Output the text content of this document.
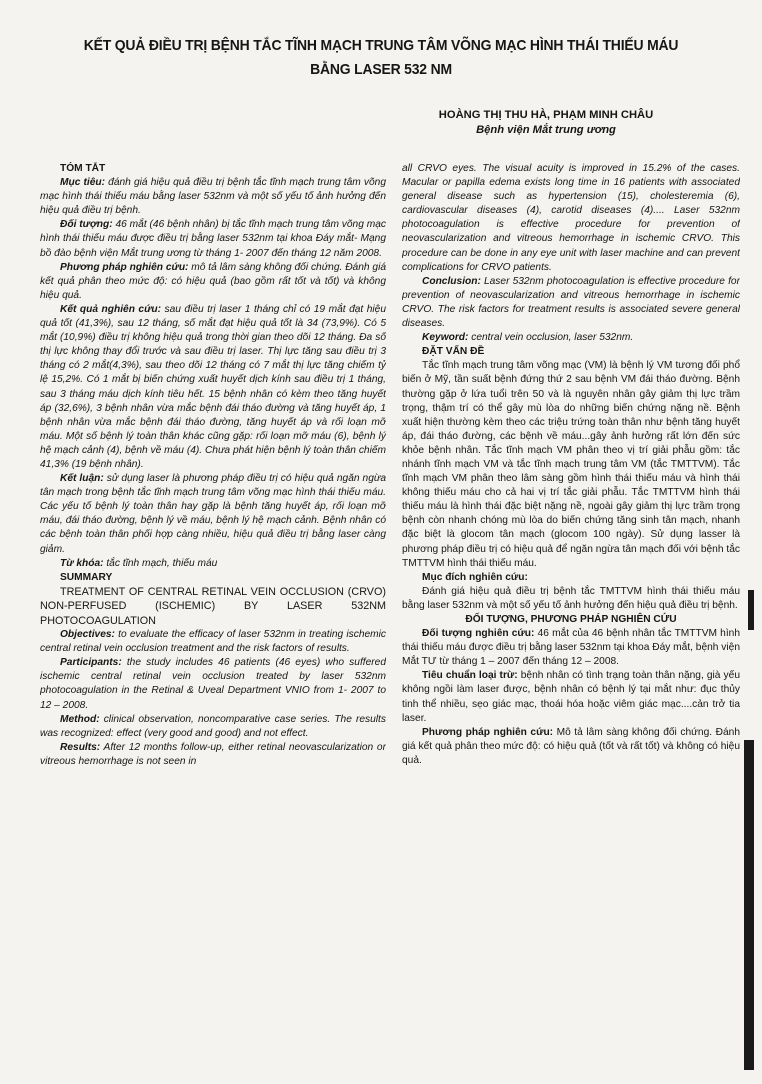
KẾT QUẢ ĐIỀU TRỊ BỆNH TẮC TĨNH MẠCH TRUNG TÂM VÕNG MẠC HÌNH THÁI THIẾU MÁU
BẰNG LASER 532 NM
HOÀNG THỊ THU HÀ, PHẠM MINH CHÂU
Bệnh viện Mắt trung ương

TÓM TẮT

Mục tiêu: đánh giá hiệu quả điều trị bệnh tắc tĩnh mạch trung tâm võng mạc hình thái thiếu máu bằng laser 532nm và một số yếu tố ảnh hưởng đến hiệu quả điều trị bệnh.

Đối tượng: 46 mắt (46 bệnh nhân) bị tắc tĩnh mạch trung tâm võng mạc hình thái thiếu máu được điều trị bằng laser 532nm tại khoa Đáy mắt- Mạng bồ đào bệnh viện Mắt trung ương từ tháng 1- 2007 đến tháng 12 năm 2008.

Phương pháp nghiên cứu: mô tả lâm sàng không đối chứng. Đánh giá kết quả phân theo mức độ: có hiệu quả (bao gồm rất tốt và tốt) và không hiệu quả.

Kết quả nghiên cứu: sau điều trị laser 1 tháng chỉ có 19 mắt đạt hiệu quả tốt (41,3%), sau 12 tháng, số mắt đạt hiệu quả tốt là 34 (73,9%). Có 5 mắt (10,9%) điều trị không hiệu quả trong thời gian theo dõi 12 tháng. Đa số thị lực không thay đổi trước và sau điều trị laser. Thị lực tăng sau điều trị 3 tháng có 2 mắt(4,3%), sau theo dõi 12 tháng có 7 mắt thị lực tăng chiếm tỷ lệ 15,2%. Có 1 mắt bị biến chứng xuất huyết dịch kính sau điều trị 1 tháng, sau 3 tháng máu dịch kính tiêu hết. 15 bệnh nhân có kèm theo tăng huyết áp (32,6%), 3 bệnh nhân vừa mắc bệnh đái tháo đường và tăng huyết áp, 1 bệnh nhân vừa mắc bệnh đái tháo đường, tăng huyết áp và rối loạn mỡ máu. Một số bệnh lý toàn thân khác cũng gặp: rối loạn mỡ máu (6), bệnh lý hệ mạch cảnh (4), bệnh về máu (4). Chưa phát hiện bệnh lý toàn thân chiếm 41,3% (19 bệnh nhân).

Kết luận: sử dụng laser là phương pháp điều trị có hiệu quả ngăn ngừa tân mạch trong bệnh tắc tĩnh mạch trung tâm võng mạc hình thái thiếu máu. Các yếu tố bệnh lý toàn thân hay gặp là bệnh tăng huyết áp, rối loạn mỡ máu, đái tháo đường, bệnh lý về máu, bệnh lý hệ mạch cảnh. Bệnh nhân có các bệnh toàn thân phối hợp càng nhiều, hiệu quả điều trị bằng laser càng giảm.

Từ khóa: tắc tĩnh mạch, thiếu máu

SUMMARY

TREATMENT OF CENTRAL RETINAL VEIN OCCLUSION (CRVO) NON-PERFUSED (ISCHEMIC) BY LASER 532NM PHOTOCOAGULATION

Objectives: to evaluate the efficacy of laser 532nm in treating ischemic central retinal vein occlusion treatment and the risk factors of results.

Participants: the study includes 46 patients (46 eyes) who suffered ischemic central retinal vein occlusion treated by laser 532nm photocoagulation in the Retinal & Uveal Department VNIO from 1- 2007 to 12 – 2008.

Method: clinical observation, noncomparative case series. The results was recognized: effect (very good and good) and not effect.

Results: After 12 months follow-up, either retinal neovascularization or vitreous hemorrhage is not seen in

all CRVO eyes. The visual acuity is improved in 15.2% of the cases. Macular or papilla edema exists long time in 16 patients with associated general disease such as hypertension (15), cholesteremia (6), cardiovascular diseases (4), carotid diseases (4).... Laser 532nm photocoagulation is effective procedure for prevention of neovascularization and vitreous hemorrhage in ischemic CRVO. This procedure can be done in any eye unit with laser machine and can prevent complications for CRVO patients.

Conclusion: Laser 532nm photocoagulation is effective procedure for prevention of neovascularization and vitreous hemorrhage in ischemic CRVO. The risk factors for treatment results is associated severe general diseases.

Keyword: central vein occlusion, laser 532nm.

ĐẶT VẤN ĐỀ

Tắc tĩnh mạch trung tâm võng mạc (VM) là bệnh lý VM tương đối phổ biến ở Mỹ, tần suất bệnh đứng thứ 2 sau bệnh VM đái tháo đường. Bệnh thường gặp ở lứa tuổi trên 50 và là nguyên nhân gây giảm thị lực trầm trọng, thậm trí có thể gây mù lòa do những biến chứng nặng nề. Bệnh xuất hiện thường kèm theo các triệu trứng toàn thân như bệnh tăng huyết áp, đái tháo đường, các bệnh về máu...gây ảnh hưởng rất lớn đến sức khỏe bệnh nhân. Tắc tĩnh mạch VM phân theo vị trí giải phẫu gồm: tắc nhánh tĩnh mạch VM và tắc tĩnh mạch trung tâm VM (tắc TMTTVM). Tắc tĩnh mạch VM phân theo lâm sàng gồm hình thái thiếu máu và hình thái không thiếu máu cho cả hai vị trí tắc giải phẫu. Tắc TMTTVM hình thái thiếu máu là hình thái đặc biệt nặng nề, ngoài gây giảm thị lực trầm trọng bệnh còn nhanh chóng mù lòa do biến chứng tăng sinh tân mạch, nhanh đặc biệt là glocom tân mạch (glocom 100 ngày). Sử dụng lasser là phương pháp điều trị có hiệu quả để ngăn ngừa tân mạch đối với bệnh tắc TMTTVM hình thái thiếu máu.

Mục đích nghiên cứu:

Đánh giá hiệu quả điều trị bệnh tắc TMTTVM hình thái thiếu máu bằng laser 532nm và một số yếu tố ảnh hưởng đến hiệu quả điều trị bệnh.

ĐỐI TƯỢNG, PHƯƠNG PHÁP NGHIÊN CỨU

Đối tượng nghiên cứu: 46 mắt của 46 bệnh nhân tắc TMTTVM hình thái thiếu máu được điều trị bằng laser 532nm tại khoa Đáy mắt, bệnh viện Mắt TƯ từ tháng 1 – 2007 đến tháng 12 – 2008.

Tiêu chuẩn loại trừ: bệnh nhân có tình trạng toàn thân nặng, già yếu không ngồi làm laser được, bệnh nhân có bệnh lý tại mắt như: đục thủy tinh thể nhiều, sẹo giác mạc, thoái hóa hoặc viêm giác mạc....cản trở tia laser.

Phương pháp nghiên cứu: Mô tả lâm sàng không đối chứng. Đánh giá kết quả phân theo mức độ: có hiệu quả (tốt và rất tốt) và không có hiệu quả.
